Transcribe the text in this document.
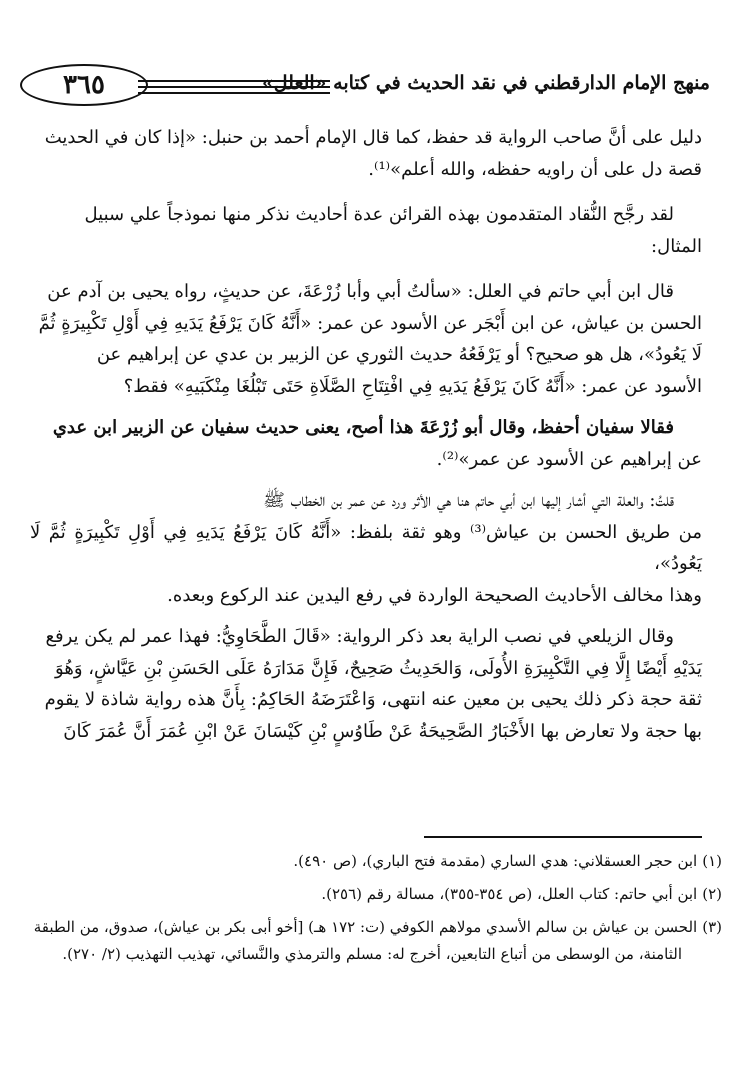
٣٦٥	منهج الإمام الدارقطني في نقد الحديث في كتابه «العلل»

دليل على أنَّ صاحب الرواية قد حفظ، كما قال الإمام أحمد بن حنبل: «إذا كان في الحديث

قصة دل على أن راويه حفظه، والله أعلم»⁽¹⁾.

لقد رجَّح النُّقاد المتقدمون بهذه القرائن عدة أحاديث نذكر منها نموذجاً علي سبيل

المثال:

قال ابن أبي حاتم في العلل: «سألتُ أبي وأبا زُرْعَةَ، عن حديثٍ، رواه يحيى بن آدم عن

الحسن بن عياش، عن ابن أَبْجَر عن الأسود عن عمر: «أَنَّهُ كَانَ يَرْفَعُ يَدَيهِ فِي أَوْلِ تَكْبِيرَةٍ ثُمَّ

لَا يَعُودُ»، هل هو صحيح؟ أو يَرْفَعُهُ حديث الثوري عن الزبير بن عدي عن إبراهيم عن

الأسود عن عمر: «أَنَّهُ كَانَ يَرْفَعُ يَدَيهِ فِي افْتِتَاحِ الصَّلَاةِ حَتَى تَبْلُغَا مِنْكَبَيهِ» فقط؟

فقالا سفيان أحفظ، وقال أبو زُرْعَةَ هذا أصح، يعنى حديث سفيان عن الزبير ابن عدي

عن إبراهيم عن الأسود عن عمر»⁽²⁾.

قلتُ: والعلة التي أشار إليها ابن أبي حاتم هنا هي الأثر ورد عن عمر بن الخطاب ﷺ

من طريق الحسن بن عياش⁽³⁾ وهو ثقة بلفظ: «أَنَّهُ كَانَ يَرْفَعُ يَدَيهِ فِي أَوْلِ تَكْبِيرَةٍ ثُمَّ لَا يَعُودُ»،

وهذا مخالف الأحاديث الصحيحة الواردة في رفع اليدين عند الركوع وبعده.

وقال الزيلعي في نصب الراية بعد ذكر الرواية: «قَالَ الطَّحَاوِيُّ: فهذا عمر لم يكن يرفع

يَدَيْهِ أَيْضًا إِلَّا فِي التَّكْبِيرَةِ الأُولَى، وَالحَدِيثُ صَحِيحٌ، فَإِنَّ مَدَارَهُ عَلَى الحَسَنِ بْنِ عَيَّاشٍ، وَهُوَ

ثقة حجة ذكر ذلك يحيى بن معين عنه انتهى، وَاعْتَرَضَهُ الحَاكِمُ: بِأَنَّ هذه رواية شاذة لا يقوم

بها حجة ولا تعارض بها الأَخْبَارُ الصَّحِيحَةُ عَنْ طَاوُسٍ بْنِ كَيْسَانَ عَنْ ابْنِ عُمَرَ أَنَّ عُمَرَ كَانَ

(١) ابن حجر العسقلاني: هدي الساري (مقدمة فتح الباري)، (ص ٤٩٠).

(٢) ابن أبي حاتم: كتاب العلل، (ص ٣٥٤-٣٥٥)، مسالة رقم (٢٥٦).

(٣) الحسن بن عياش بن سالم الأسدي مولاهم الكوفي (ت: ١٧٢ هـ) [أخو أبى بكر بن عياش)، صدوق، من الطبقة الثامنة، من الوسطى من أتباع التابعين، أخرج له: مسلم والترمذي والنَّسائي، تهذيب التهذيب (٢/ ٢٧٠).
